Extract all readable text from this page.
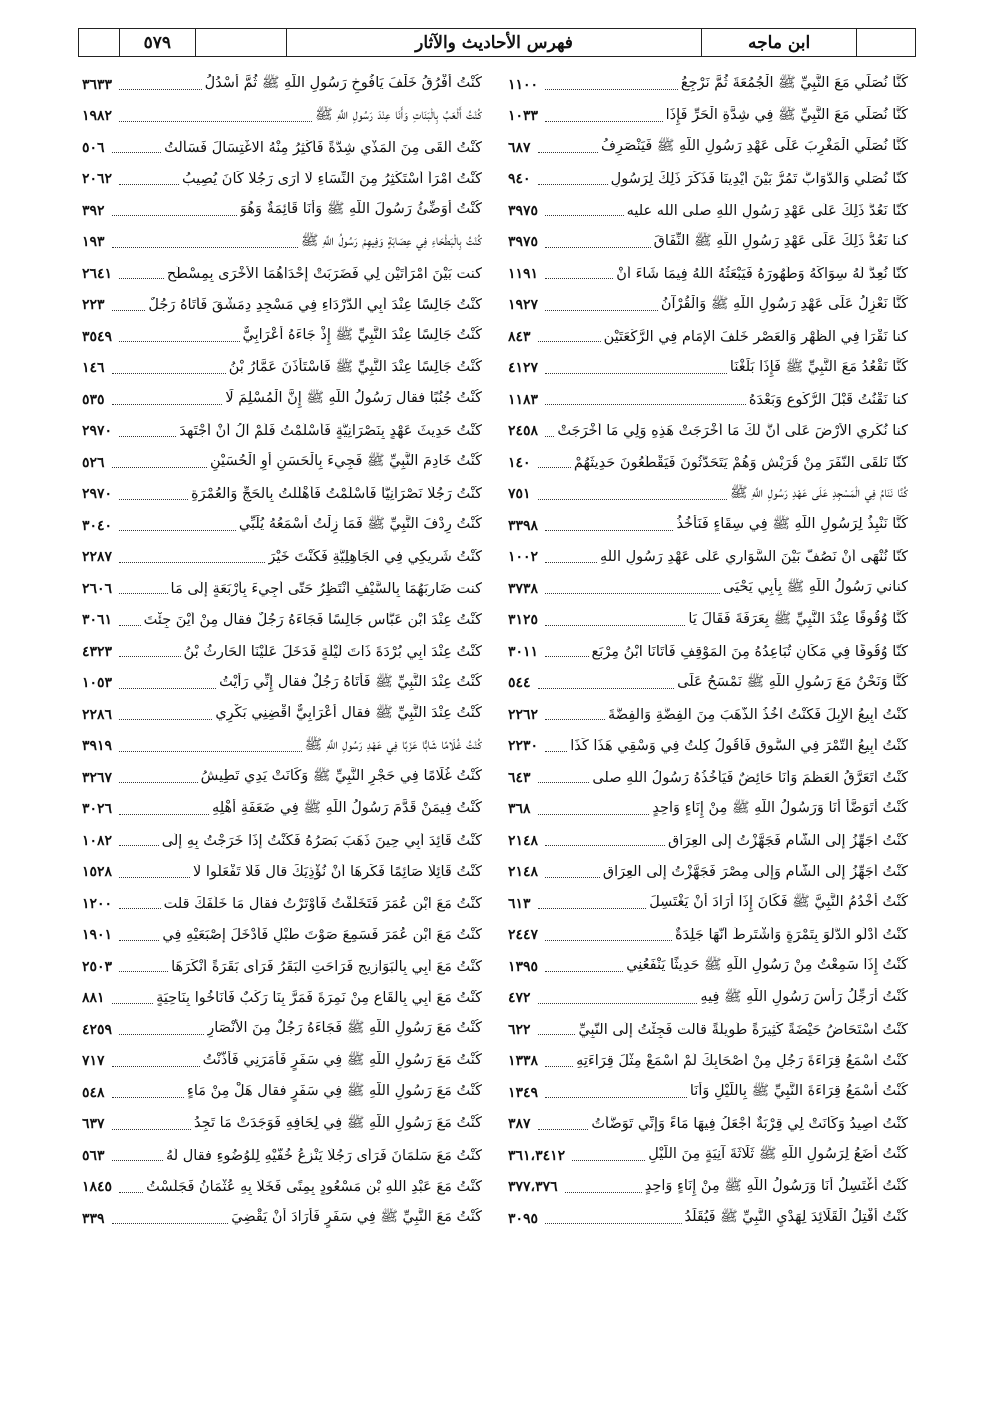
٥٧٩	فهرس الأحاديث والآثار	ابن ماجه
١١٠٠	كُنَّا نُصَلِّي مَعَ النَّبِيِّ ﷺ الْجُمُعَةَ ثُمَّ نَرْجِعُ
١٠٣٣	كُنَّا نُصَلِّي مَعَ النَّبِيِّ ﷺ فِي شِدَّةِ الْحَرِّ فَإِذَا
٦٨٧	كُنَّا نُصَلِّي الْمَغْرِبَ عَلَى عَهْدِ رَسُولِ اللَّهِ ﷺ فَيَنْصَرِفُ
٩٤٠	كُنَّا نُصَلِّي وَالدَّوَابُّ تَمُرُّ بَيْنَ أَيْدِينَا فَذَكَرَ ذَلِكَ لِرَسُولِ
٣٩٧٥	كُنَّا نَعُدُّ ذَلِكَ عَلَى عَهْدِ رَسُولِ اللَّهِ صلى الله عليه
٣٩٧٥	كنا نَعُدُّ ذَلِكَ عَلَى عَهْدِ رَسُولِ اللَّهِ ﷺ النِّفَاقَ
١١٩١	كُنَّا نُعِدُّ لَهُ سِوَاكَهُ وَطَهُورَهُ فَيَبْعَثُهُ اللَّهُ فِيمَا شَاءَ أَنْ
١٩٢٧	كُنَّا نَعْزِلُ عَلَى عَهْدِ رَسُولِ اللَّهِ ﷺ وَالْقُرْآنُ
٨٤٣	كنا نَقْرَأُ فِي الظُّهْرِ وَالْعَصْرِ خَلْفَ الإِمَامِ فِي الرَّكْعَتَيْنِ
٤١٢٧	كُنَّا نَقْعُدُ مَعَ النَّبِيِّ ﷺ فَإِذَا بَلَغْنَا
١١٨٣	كنا نَقْنُتُ قَبْلَ الرُّكُوعِ وَبَعْدَهُ
٢٤٥٨ كنا نُكْرِي الأَرْضَ عَلَى أَنَّ لَكَ مَا أَخْرَجَتْ هَذِهِ وَلِي مَا أَخْرَجَتْ
١٤٠	كُنَّا نَلْقَى النَّفَرَ مِنْ قُرَيْشٍ وَهُمْ يَتَحَدَّثُونَ فَيَقْطَعُونَ حَدِيثَهُمْ
٧٥١	كُنَّا نَنَامُ فِي الْمَسْجِدِ عَلَى عَهْدِ رَسُولِ اللَّهِ ﷺ
٣٣٩٨	كُنَّا نَنْبِذُ لِرَسُولِ اللَّهِ ﷺ فِي سِقَاءٍ فَنَأْخُذُ
١٠٠٢	كُنَّا نُنْهَى أَنْ نَصُفَّ بَيْنَ السَّوَارِي عَلَى عَهْدِ رَسُولِ اللَّهِ
٣٧٣٨	كناني رَسُولُ اللَّهِ ﷺ بِأَبِي يَحْيَى
٣١٢٥	كُنَّا وُقُوفًا عِنْدَ النَّبِيِّ ﷺ بِعَرَفَةَ فَقَالَ يَا
٣٠١١	كُنَّا وُقُوفًا فِي مَكَانٍ تُبَاعِدُهُ مِنَ الْمَوْقِفِ فَأَتَانَا ابْنُ مِرْبَعٍ
٥٤٤	كُنَّا وَنَحْنُ مَعَ رَسُولِ اللَّهِ ﷺ نَمْسَحُ عَلَى
٢٢٦٢	كُنْتُ أَبِيعُ الإِبِلَ فَكُنْتُ آخُذُ الذَّهَبَ مِنَ الْفِضَّةِ وَالْفِضَّةَ
٢٢٣٠ كُنْتُ أَبِيعُ التَّمْرَ فِي السُّوقِ فَأَقُولُ كِلْتُ فِي وَسْقِي هَذَا كَذَا
٦٤٣	كُنْتُ أَتَعَرَّقُ الْعَظْمَ وَأَنَا حَائِضٌ فَيَأْخُذُهُ رَسُولُ اللَّهِ صلى
٣٦٨	كُنْتُ أَتَوَضَّأُ أَنَا وَرَسُولُ اللَّهِ ﷺ مِنْ إِنَاءٍ وَاحِدٍ
٢١٤٨	كُنْتُ أُجَهِّزُ إِلَى الشَّامِ فَجَهَّزْتُ إِلَى الْعِرَاقِ
٢١٤٨	كُنْتُ أُجَهِّزُ إِلَى الشَّامِ وَإِلَى مِصْرَ فَجَهَّزْتُ إِلَى الْعِرَاقِ
٦١٣	كُنْتُ أَخْدُمُ النَّبِيَّ ﷺ فَكَانَ إِذَا أَرَادَ أَنْ يَغْتَسِلَ
٢٤٤٧	كُنْتُ أَدْلُو الدَّلْوَ بِتَمْرَةٍ وَأَشْتَرِطُ أَنَّهَا جَلِدَةٌ
١٣٩٥	كُنْتُ إِذَا سَمِعْتُ مِنْ رَسُولِ اللَّهِ ﷺ حَدِيثًا يَنْفَعُنِي
٤٧٢	كُنْتُ أُرَجِّلُ رَأْسَ رَسُولِ اللَّهِ ﷺ فِيهِ
٦٢٢	كُنْتُ أُسْتَحَاضُ حَيْضَةً كَثِيرَةً طَوِيلَةً قالت فَجِئْتُ إِلَى النَّبِيِّ
١٣٣٨	كُنْتُ أَسْمَعُ قِرَاءَةَ رَجُلٍ مِنْ أَصْحَابِكَ لَمْ أَسْمَعْ مِثْلَ قِرَاءَتِهِ
١٣٤٩	كُنْتُ أَسْمَعُ قِرَاءَةَ النَّبِيِّ ﷺ بِاللَّيْلِ وَأَنَا
٣٨٧	كُنْتُ أَصِيدُ وَكَانَتْ لِي قِرْبَةٌ أَجْعَلُ فِيهَا مَاءً وَإِنِّي تَوَضَّأْتُ
٣٦١،٣٤١٢	كُنْتُ أَضَعُ لِرَسُولِ اللَّهِ ﷺ ثَلَاثَةَ آنِيَةٍ مِنَ اللَّيْلِ
٣٧٧،٣٧٦	كُنْتُ أَغْتَسِلُ أَنَا وَرَسُولُ اللَّهِ ﷺ مِنْ إِنَاءٍ وَاحِدٍ
٣٠٩٥	كُنْتُ أَفْتِلُ الْقَلَائِدَ لِهَدْيِ النَّبِيِّ ﷺ فَيُقَلِّدُ
٣٦٣٣	كُنْتُ أَفْرُقُ خَلْفَ يَافُوخِ رَسُولِ اللَّهِ ﷺ ثُمَّ أَسْدُلُ
١٩٨٢	كُنْتُ أَلْعَبُ بِالْبَنَاتِ وَأَنَا عِنْدَ رَسُولِ اللَّهِ ﷺ
٥٠٦	كُنْتُ أَلْقَى مِنَ الْمَذْيِ شِدَّةً فَأُكْثِرُ مِنْهُ الاغْتِسَالَ فَسَأَلْتُ
٢٠٦٢	كُنْتُ امْرَأً أَسْتَكْثِرُ مِنَ النِّسَاءِ لَا أَرَى رَجُلًا كَانَ يُصِيبُ
٣٩٢	كُنْتُ أُوَضِّئُ رَسُولَ اللَّهِ ﷺ وَأَنَا قَائِمَةٌ وَهُوَ
١٩٣	كُنْتُ بِالْبَطْحَاءِ فِي عِصَابَةٍ وَفِيهِمْ رَسُولُ اللَّهِ ﷺ
٢٦٤١	كنت بَيْنَ امْرَأَتَيْنِ لِي فَضَرَبَتْ إِحْدَاهُمَا الأُخْرَى بِمِسْطَحٍ
٢٢٣	كُنْتُ جَالِسًا عِنْدَ أَبِي الدَّرْدَاءِ فِي مَسْجِدِ دِمَشْقَ فَأَتَاهُ رَجُلٌ
٣٥٤٩	كُنْتُ جَالِسًا عِنْدَ النَّبِيِّ ﷺ إِذْ جَاءَهُ أَعْرَابِيٌّ
١٤٦	كُنْتُ جَالِسًا عِنْدَ النَّبِيِّ ﷺ فَاسْتَأْذَنَ عَمَّارُ بْنُ
٥٣٥	كُنْتُ جُنُبًا فقال رَسُولُ اللَّهِ ﷺ إِنَّ الْمُسْلِمَ لَا
٢٩٧٠	كُنْتُ حَدِيثَ عَهْدٍ بِنَصْرَانِيَّةٍ فَأَسْلَمْتُ فَلَمْ آلُ أَنْ أَجْتَهِدَ
٥٢٦	كُنْتُ خَادِمَ النَّبِيِّ ﷺ فَجِيءَ بِالْحَسَنِ أَوِ الْحُسَيْنِ
٢٩٧٠	كُنْتُ رَجُلًا نَصْرَانِيًّا فَأَسْلَمْتُ فَأَهْلَلْتُ بِالْحَجِّ وَالْعُمْرَةِ
٣٠٤٠	كُنْتُ رِدْفَ النَّبِيِّ ﷺ فَمَا زِلْتُ أَسْمَعُهُ يُلَبِّي
٢٢٨٧	كُنْتُ شَرِيكِي فِي الْجَاهِلِيَّةِ فَكُنْتَ خَيْرَ
٢٦٠٦	كنت ضَارِبَهُمَا بِالسَّيْفِ أَنْتَظِرُ حَتَّى أَجِيءَ بِأَرْبَعَةٍ إِلَى مَا
٣٠٦١ كُنْتُ عِنْدَ ابْنِ عَبَّاسٍ جَالِسًا فَجَاءَهُ رَجُلٌ فقال مِنْ أَيْنَ جِئْتَ
٤٣٢٣	كُنْتُ عِنْدَ أَبِي بُرْدَةَ ذَاتَ لَيْلَةٍ فَدَخَلَ عَلَيْنَا الْحَارِثُ بْنُ
١٠٥٣	كُنْتُ عِنْدَ النَّبِيِّ ﷺ فَأَتَاهُ رَجُلٌ فقال إِنِّي رَأَيْتُ
٢٢٨٦	كُنْتُ عِنْدَ النَّبِيِّ ﷺ فقال أَعْرَابِيٌّ اقْضِنِي بَكْرِي
٣٩١٩	كُنْتُ غُلَامًا شَابًّا عَزَبًا فِي عَهْدِ رَسُولِ اللَّهِ ﷺ
٣٢٦٧	كُنْتُ غُلَامًا فِي حَجْرِ النَّبِيِّ ﷺ وَكَانَتْ يَدِي تَطِيشُ
٣٠٢٦	كُنْتُ فِيمَنْ قَدَّمَ رَسُولُ اللَّهِ ﷺ فِي ضَعَفَةِ أَهْلِهِ
١٠٨٢	كُنْتُ قَائِدَ أَبِي حِينَ ذَهَبَ بَصَرُهُ فَكُنْتُ إِذَا خَرَجْتُ بِهِ إِلَى
١٥٢٨	كُنْتُ قَائِلًا صَائِمًا فَكَرِهَا أَنْ نُؤْذِيَكَ قال فَلَا تَفْعَلُوا لَا
١٢٠٠	كُنْتُ مَعَ ابْنِ عُمَرَ فَتَخَلَّفْتُ فَأَوْتَرْتُ فقال مَا خَلَفَكَ قلت
١٩٠١	كُنْتُ مَعَ ابْنِ عُمَرَ فَسَمِعَ صَوْتَ طَبْلٍ فَأَدْخَلَ إِصْبَعَيْهِ فِي
٢٥٠٣	كُنْتُ مَعَ أَبِي بِالْبَوَازِيجِ فَرَاحَتِ الْبَقَرُ فَرَأَى بَقَرَةً أَنْكَرَهَا
٨٨١	كُنْتُ مَعَ أَبِي بِالْقَاعِ مِنْ نَمِرَةَ فَمَرَّ بِنَا رَكْبٌ فَأَنَاخُوا بِنَاحِيَةٍ
٤٢٥٩	كُنْتُ مَعَ رَسُولِ اللَّهِ ﷺ فَجَاءَهُ رَجُلٌ مِنَ الأَنْصَارِ
٧١٧	كُنْتُ مَعَ رَسُولِ اللَّهِ ﷺ فِي سَفَرٍ فَأَمَرَنِي فَأَذَّنْتُ
٥٤٨	كُنْتُ مَعَ رَسُولِ اللَّهِ ﷺ فِي سَفَرٍ فقال هَلْ مِنْ مَاءٍ
٦٣٧	كُنْتُ مَعَ رَسُولِ اللَّهِ ﷺ فِي لِحَافِهِ فَوَجَدَتْ مَا تَجِدُ
٥٦٣	كُنْتُ مَعَ سَلْمَانَ فَرَأَى رَجُلًا يَنْزِعُ خُفَّيْهِ لِلْوُضُوءِ فقال لَهُ
١٨٤٥ كُنْتُ مَعَ عَبْدِ اللَّهِ بْنِ مَسْعُودٍ بِمِنًى فَخَلَا بِهِ عُثْمَانُ فَجَلَسْتُ
٣٣٩	كُنْتُ مَعَ النَّبِيِّ ﷺ فِي سَفَرٍ فَأَرَادَ أَنْ يَقْضِيَ
